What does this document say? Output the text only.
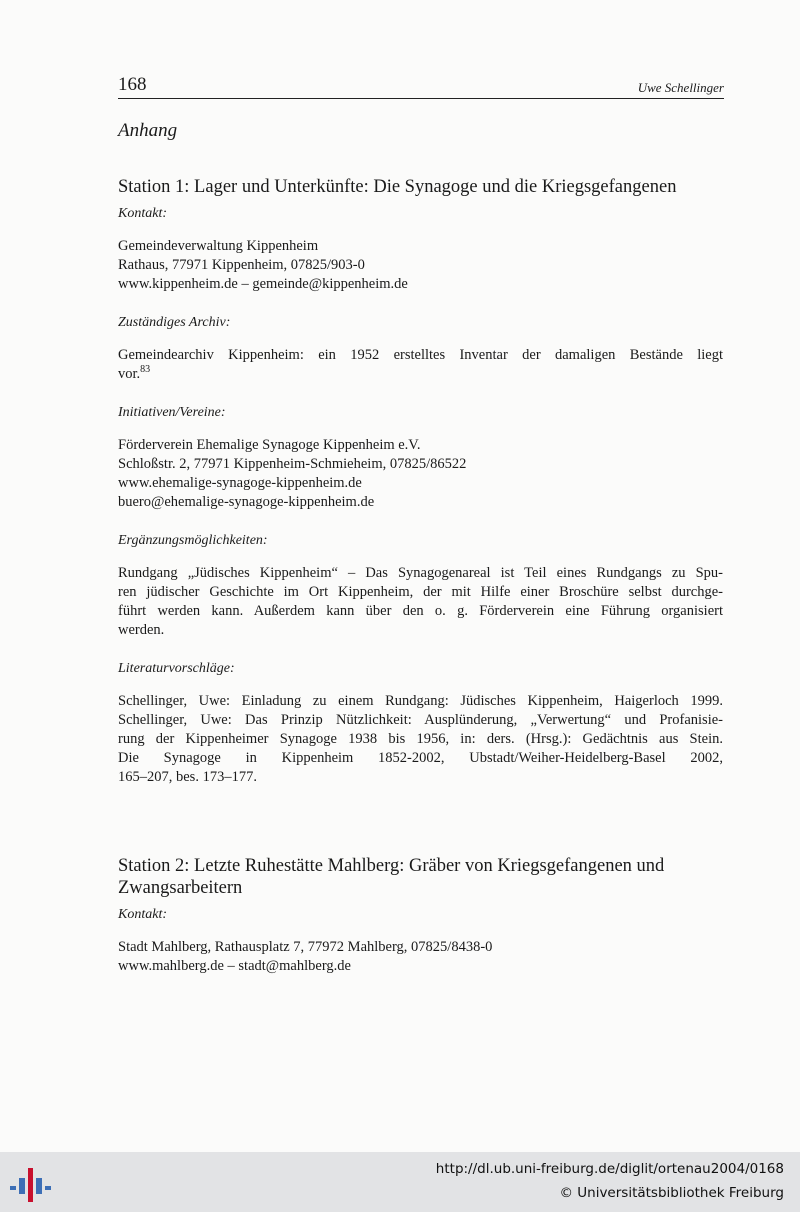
168	Uwe Schellinger

Anhang

Station 1: Lager und Unterkünfte: Die Synagoge und die Kriegsgefangenen

Kontakt:

Gemeindeverwaltung Kippenheim
Rathaus, 77971 Kippenheim, 07825/903-0
www.kippenheim.de – gemeinde@kippenheim.de

Zuständiges Archiv:

Gemeindearchiv Kippenheim: ein 1952 erstelltes Inventar der damaligen Bestände liegt
vor.$^{83}$

Initiativen/Vereine:

Förderverein Ehemalige Synagoge Kippenheim e.V.
Schloßstr. 2, 77971 Kippenheim-Schmieheim, 07825/86522
www.ehemalige-synagoge-kippenheim.de
buero@ehemalige-synagoge-kippenheim.de

Ergänzungsmöglichkeiten:

Rundgang „Jüdisches Kippenheim“ – Das Synagogenareal ist Teil eines Rundgangs zu Spu-
ren jüdischer Geschichte im Ort Kippenheim, der mit Hilfe einer Broschüre selbst durchge-
führt werden kann. Außerdem kann über den o. g. Förderverein eine Führung organisiert
werden.

Literaturvorschläge:

Schellinger, Uwe: Einladung zu einem Rundgang: Jüdisches Kippenheim, Haigerloch 1999.
Schellinger, Uwe: Das Prinzip Nützlichkeit: Ausplünderung, „Verwertung“ und Profanisie-
rung der Kippenheimer Synagoge 1938 bis 1956, in: ders. (Hrsg.): Gedächtnis aus Stein.
Die Synagoge in Kippenheim 1852-2002, Ubstadt/Weiher-Heidelberg-Basel 2002,
165–207, bes. 173–177.

Station 2: Letzte Ruhestätte Mahlberg: Gräber von Kriegsgefangenen und
Zwangsarbeitern

Kontakt:

Stadt Mahlberg, Rathausplatz 7, 77972 Mahlberg, 07825/8438-0
www.mahlberg.de – stadt@mahlberg.de

http://dl.ub.uni-freiburg.de/diglit/ortenau2004/0168
© Universitätsbibliothek Freiburg
